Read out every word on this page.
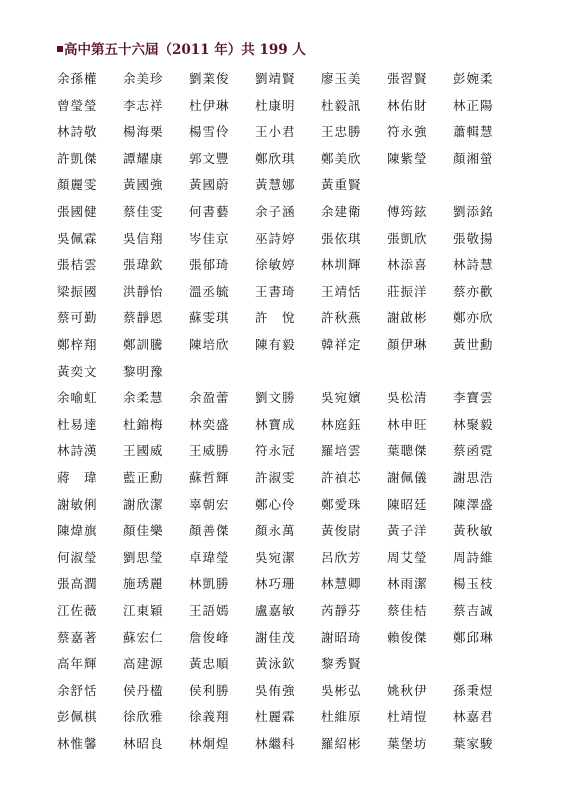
高中第五十六屆（2011 年）共 199 人
余孫權	余美珍	劉業俊	劉靖賢	廖玉美	張習賢	彭婉柔
曾瑩瑩	李志祥	杜伊琳	杜康明	杜毅訊	林佑財	林正陽
林詩敬	楊海栗	楊雪伶	王小君	王忠勝	符永強	蕭輯慧
許凱傑	譚耀康	郭文豐	鄭欣琪	鄭美欣	陳紫瑩	顏湘螢
顏麗雯	黃國強	黃國蔚	黃慧娜	黃重賢
張國健	蔡佳雯	何書藝	余子涵	余建衛	傅筠鉉	劉添銘
吳佩霖	吳信翔	岑佳京	巫詩婷	張依琪	張凱欣	張敬揚
張桔雲	張瑋欽	張郁琦	徐敏婷	林圳輝	林添喜	林詩慧
梁振國	洪靜怡	溫丞毓	王書琦	王靖恬	莊振洋	蔡亦歡
蔡可勤	蔡靜恩	蘇雯琪	許　悅	許秋燕	謝啟彬	鄭亦欣
鄭梓翔	鄭訓騰	陳培欣	陳有毅	韓祥定	顏伊琳	黃世勳
黃奕文	黎明豫
余喻虹	余柔慧	余盈蕾	劉文勝	吳宛嬪	吳松清	李寶雲
杜易達	杜錦梅	林奕盛	林寶成	林庭鈺	林申旺	林聚毅
林詩漢	王國威	王威勝	符永冠	羅培雲	葉聰傑	蔡函霓
蔣　瑋	藍正勳	蘇哲輝	許淑雯	許禎芯	謝佩儀	謝思浩
謝敏俐	謝欣潔	辜朝宏	鄭心伶	鄭愛珠	陳昭廷	陳澤盛
陳煒旗	顏佳樂	顏善傑	顏永萬	黃俊尉	黃子洋	黃秋敏
何淑瑩	劉思瑩	卓瑋瑩	吳宛潔	呂欣芳	周艾瑩	周詩維
張高潤	施琇麗	林凱勝	林巧珊	林慧卿	林雨潔	楊玉枝
江佐薇	江東穎	王語嫣	盧嘉敏	芮靜芬	蔡佳桔	蔡吉誠
蔡嘉著	蘇宏仁	詹俊峰	謝佳茂	謝昭琦	賴俊傑	鄭邱琳
高年輝	高建源	黃忠順	黃泳欽	黎秀賢
余舒恬	侯丹楹	侯利勝	吳侑強	吳彬弘	姚秋伊	孫秉煜
彭佩棋	徐欣雅	徐義翔	杜麗霖	杜維原	杜靖愷	林嘉君
林惟馨	林昭良	林炯煌	林繼科	羅紹彬	葉堡坊	葉家駿
